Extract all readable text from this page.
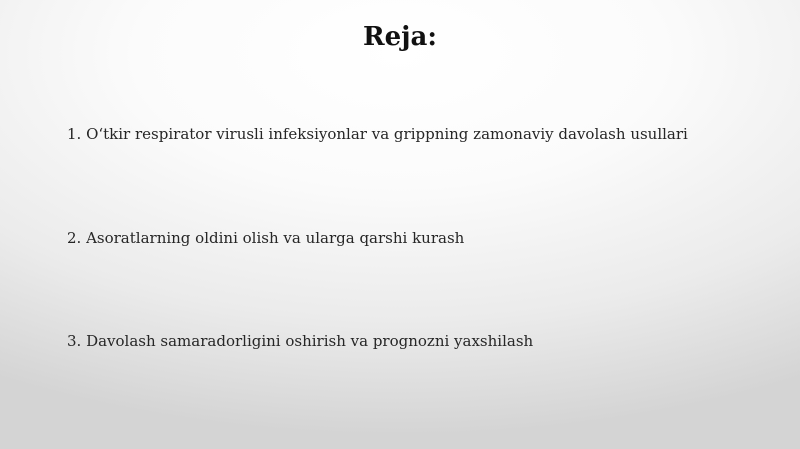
Reja:
1. O‘tkir respirator virusli infeksiyonlar va grippning zamonaviy davolash usullari
2. Asoratlarning oldini olish va ularga qarshi kurash
3. Davolash samaradorligini oshirish va prognozni yaxshilash
